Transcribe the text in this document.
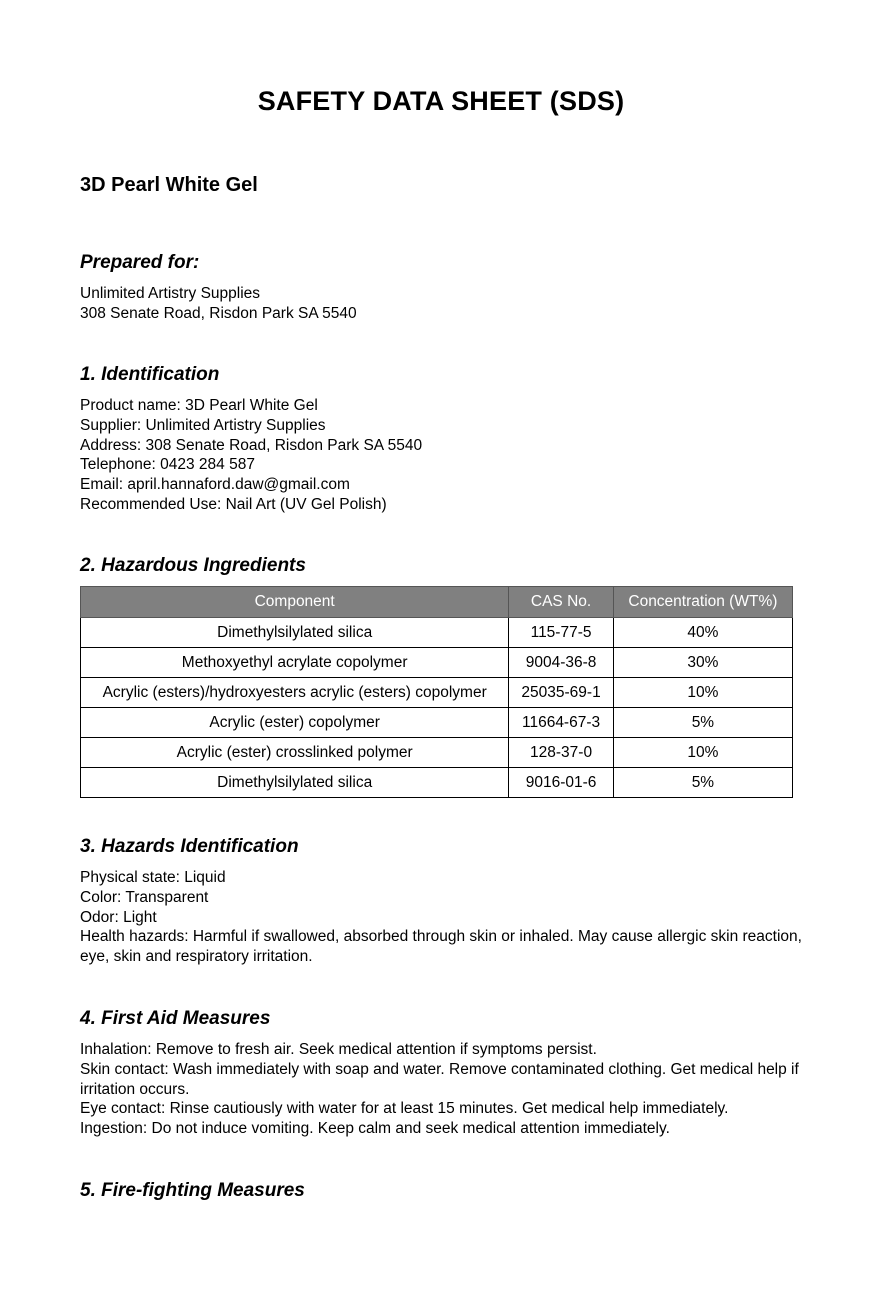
SAFETY DATA SHEET (SDS)
3D Pearl White Gel
Prepared for:
Unlimited Artistry Supplies
308 Senate Road, Risdon Park SA 5540
1. Identification
Product name: 3D Pearl White Gel
Supplier: Unlimited Artistry Supplies
Address: 308 Senate Road, Risdon Park SA 5540
Telephone: 0423 284 587
Email: april.hannaford.daw@gmail.com
Recommended Use: Nail Art (UV Gel Polish)
2. Hazardous Ingredients
Component	CAS No.	Concentration (WT%)
Dimethylsilylated silica	115-77-5	40%
Methoxyethyl acrylate copolymer	9004-36-8	30%
Acrylic (esters)/hydroxyesters acrylic (esters) copolymer	25035-69-1	10%
Acrylic (ester) copolymer	11664-67-3	5%
Acrylic (ester) crosslinked polymer	128-37-0	10%
Dimethylsilylated silica	9016-01-6	5%
3. Hazards Identification
Physical state: Liquid
Color: Transparent
Odor: Light
Health hazards: Harmful if swallowed, absorbed through skin or inhaled. May cause allergic skin reaction, eye, skin and respiratory irritation.
4. First Aid Measures
Inhalation: Remove to fresh air. Seek medical attention if symptoms persist.
Skin contact: Wash immediately with soap and water. Remove contaminated clothing. Get medical help if irritation occurs.
Eye contact: Rinse cautiously with water for at least 15 minutes. Get medical help immediately.
Ingestion: Do not induce vomiting. Keep calm and seek medical attention immediately.
5. Fire-fighting Measures
